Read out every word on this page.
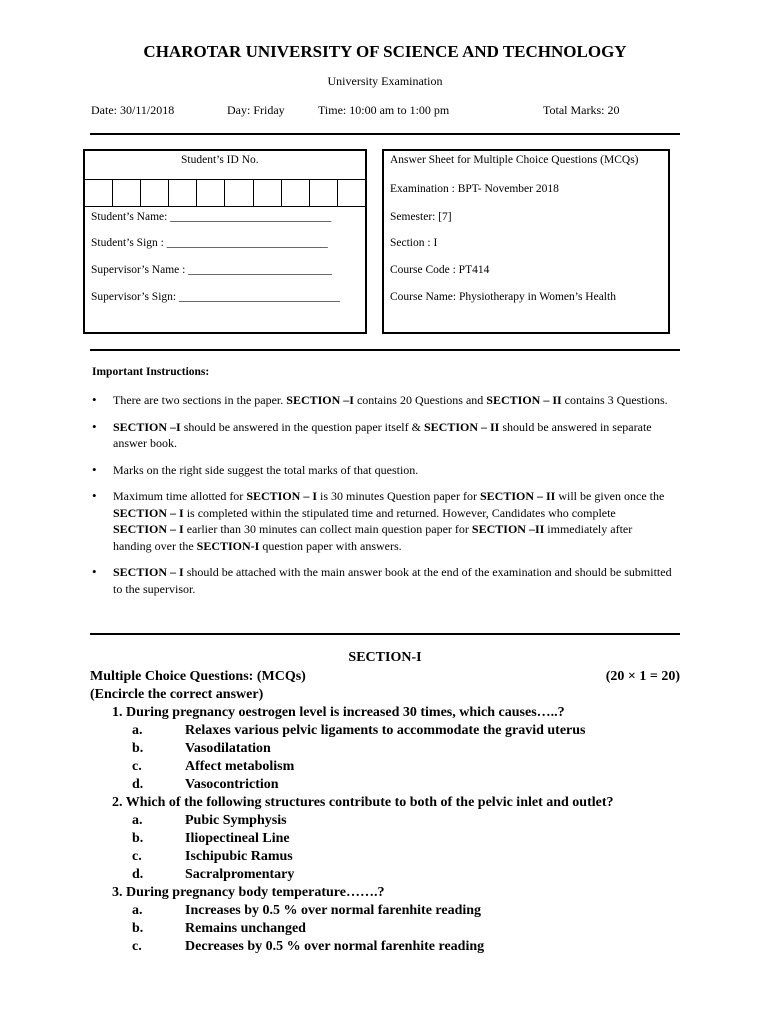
CHAROTAR UNIVERSITY OF SCIENCE AND TECHNOLOGY
University Examination
Date: 30/11/2018	Day: Friday	Time: 10:00 am to 1:00 pm	Total Marks: 20
Student’s ID No.
Student’s Name: ____________________________
Student’s Sign : ____________________________
Supervisor’s Name : _________________________
Supervisor’s Sign: ____________________________
Answer Sheet for Multiple Choice Questions (MCQs)
Examination : BPT- November 2018
Semester: [7]
Section : I
Course Code : PT414
Course Name: Physiotherapy in Women’s Health
Important Instructions:
• There are two sections in the paper. SECTION –I contains 20 Questions and SECTION – II contains 3 Questions.
• SECTION –I should be answered in the question paper itself & SECTION – II should be answered in separate answer book.
• Marks on the right side suggest the total marks of that question.
• Maximum time allotted for SECTION – I is 30 minutes Question paper for SECTION – II will be given once the SECTION – I is completed within the stipulated time and returned. However, Candidates who complete SECTION – I earlier than 30 minutes can collect main question paper for SECTION –II immediately after handing over the SECTION-I question paper with answers.
• SECTION – I should be attached with the main answer book at the end of the examination and should be submitted to the supervisor.
SECTION-I
Multiple Choice Questions: (MCQs)	(20 × 1 = 20)
(Encircle the correct answer)
1. During pregnancy oestrogen level is increased 30 times, which causes…..?
a.	Relaxes various pelvic ligaments to accommodate the gravid uterus
b.	Vasodilatation
c.	Affect metabolism
d.	Vasocontriction
2. Which of the following structures contribute to both of the pelvic inlet and outlet?
a.	Pubic Symphysis
b.	Iliopectineal Line
c.	Ischipubic Ramus
d.	Sacralpromentary
3. During pregnancy body temperature…….?
a.	Increases by 0.5 % over normal farenhite reading
b.	Remains unchanged
c.	Decreases by 0.5 % over normal farenhite reading
